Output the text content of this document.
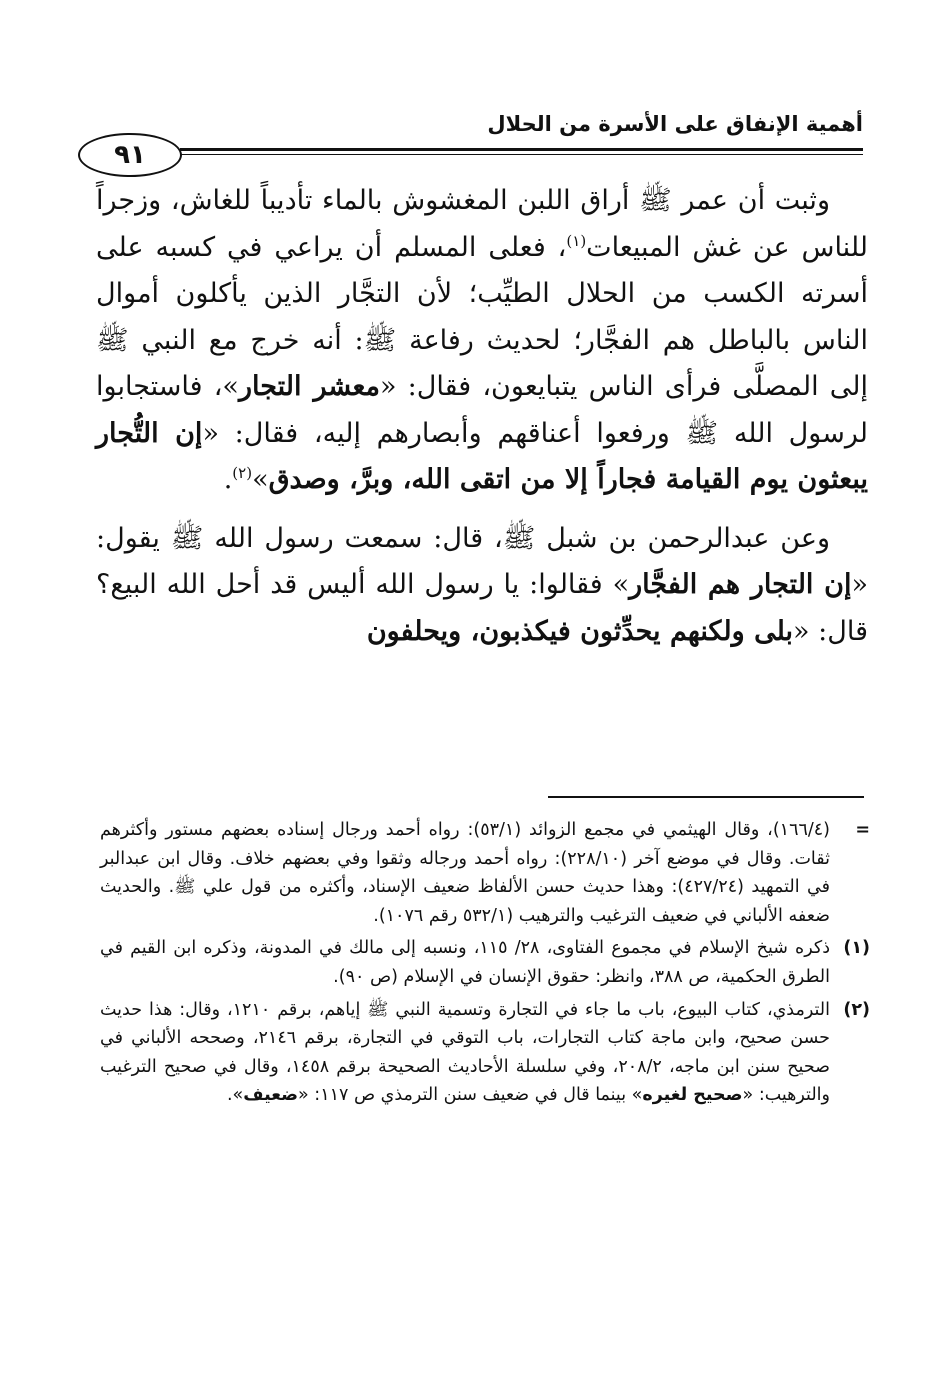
أهمية الإنفاق على الأسرة من الحلال
٩١

وثبت أن عمر ﷺ أراق اللبن المغشوش بالماء تأديباً للغاش، وزجراً للناس عن غش المبيعات$^{(١)}$، فعلى المسلم أن يراعي في كسبه على أسرته الكسب من الحلال الطيِّب؛ لأن التجَّار الذين يأكلون أموال الناس بالباطل هم الفجَّار؛ لحديث رفاعة ﷺ: أنه خرج مع النبي ﷺ إلى المصلَّى فرأى الناس يتبايعون، فقال: «معشر التجار»، فاستجابوا لرسول الله ﷺ ورفعوا أعناقهم وأبصارهم إليه، فقال: «إن التُّجار يبعثون يوم القيامة فجاراً إلا من اتقى الله، وبرَّ، وصدق»$^{(٢)}$.

وعن عبدالرحمن بن شبل ﷺ، قال: سمعت رسول الله ﷺ يقول: «إن التجار هم الفجَّار» فقالوا: يا رسول الله أليس قد أحل الله البيع؟ قال: «بلى ولكنهم يحدِّثون فيكذبون، ويحلفون

=
(١٦٦/٤)، وقال الهيثمي في مجمع الزوائد (٥٣/١): رواه أحمد ورجال إسناده بعضهم مستور وأكثرهم ثقات. وقال في موضع آخر (٢٢٨/١٠): رواه أحمد ورجاله وثقوا وفي بعضهم خلاف. وقال ابن عبدالبر في التمهيد (٤٢٧/٢٤): وهذا حديث حسن الألفاظ ضعيف الإسناد، وأكثره من قول علي ﷺ. والحديث ضعفه الألباني في ضعيف الترغيب والترهيب (٥٣٢/١ رقم ١٠٧٦).
(١)
ذكره شيخ الإسلام في مجموع الفتاوى، ٢٨/ ١١٥، ونسبه إلى مالك في المدونة، وذكره ابن القيم في الطرق الحكمية، ص ٣٨٨، وانظر: حقوق الإنسان في الإسلام (ص ٩٠).
(٢)
الترمذي، كتاب البيوع، باب ما جاء في التجارة وتسمية النبي ﷺ إياهم، برقم ١٢١٠، وقال: هذا حديث حسن صحيح، وابن ماجة كتاب التجارات، باب التوقي في التجارة، برقم ٢١٤٦، وصححه الألباني في صحيح سنن ابن ماجه، ٢٠٨/٢، وفي سلسلة الأحاديث الصحيحة برقم ١٤٥٨، وقال في صحيح الترغيب والترهيب: «صحيح لغيره» بينما قال في ضعيف سنن الترمذي ص ١١٧: «ضعيف».
